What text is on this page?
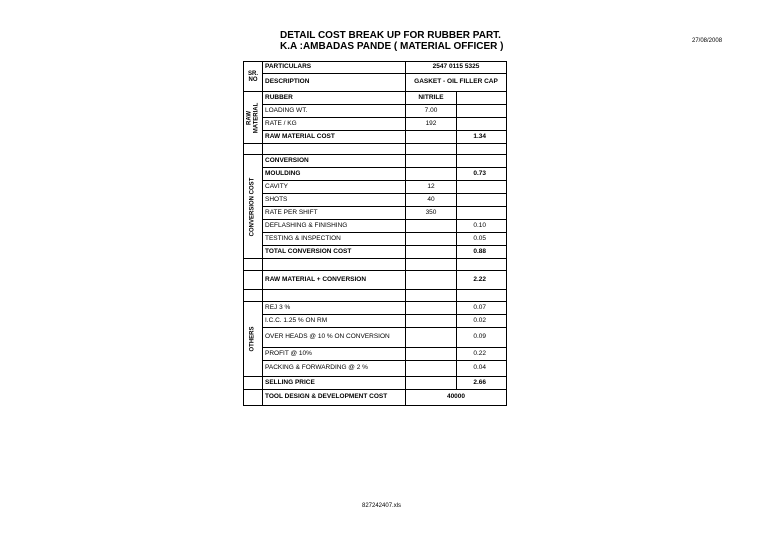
DETAIL COST BREAK UP FOR RUBBER PART.
K.A :AMBADAS PANDE ( MATERIAL OFFICER )	27/08/2008
SR. NO	PARTICULARS	2547 0115 5325	
	DESCRIPTION	GASKET - OIL FILLER CAP	

RAW MATERIAL	RUBBER	NITRILE	
	LOADING WT.	7.00	
	RATE / KG	192	
	RAW MATERIAL COST		1.34

CONVERSION COST	CONVERSION		
	MOULDING		0.73
	CAVITY	12	
	SHOTS	40	
	RATE PER SHIFT	350	
	DEFLASHING & FINISHING		0.10
	TESTING & INSPECTION		0.05
	TOTAL CONVERSION COST		0.88

	RAW MATERIAL + CONVERSION		2.22

OTHERS	REJ 3 %		0.07
	I.C.C. 1.25 % ON RM		0.02
	OVER HEADS @ 10 % ON CONVERSION		0.09
	PROFIT @ 10%		0.22
	PACKING & FORWARDING @ 2 %		0.04
	SELLING PRICE		2.66
	TOOL DESIGN & DEVELOPMENT COST	40000	
827242407.xls
